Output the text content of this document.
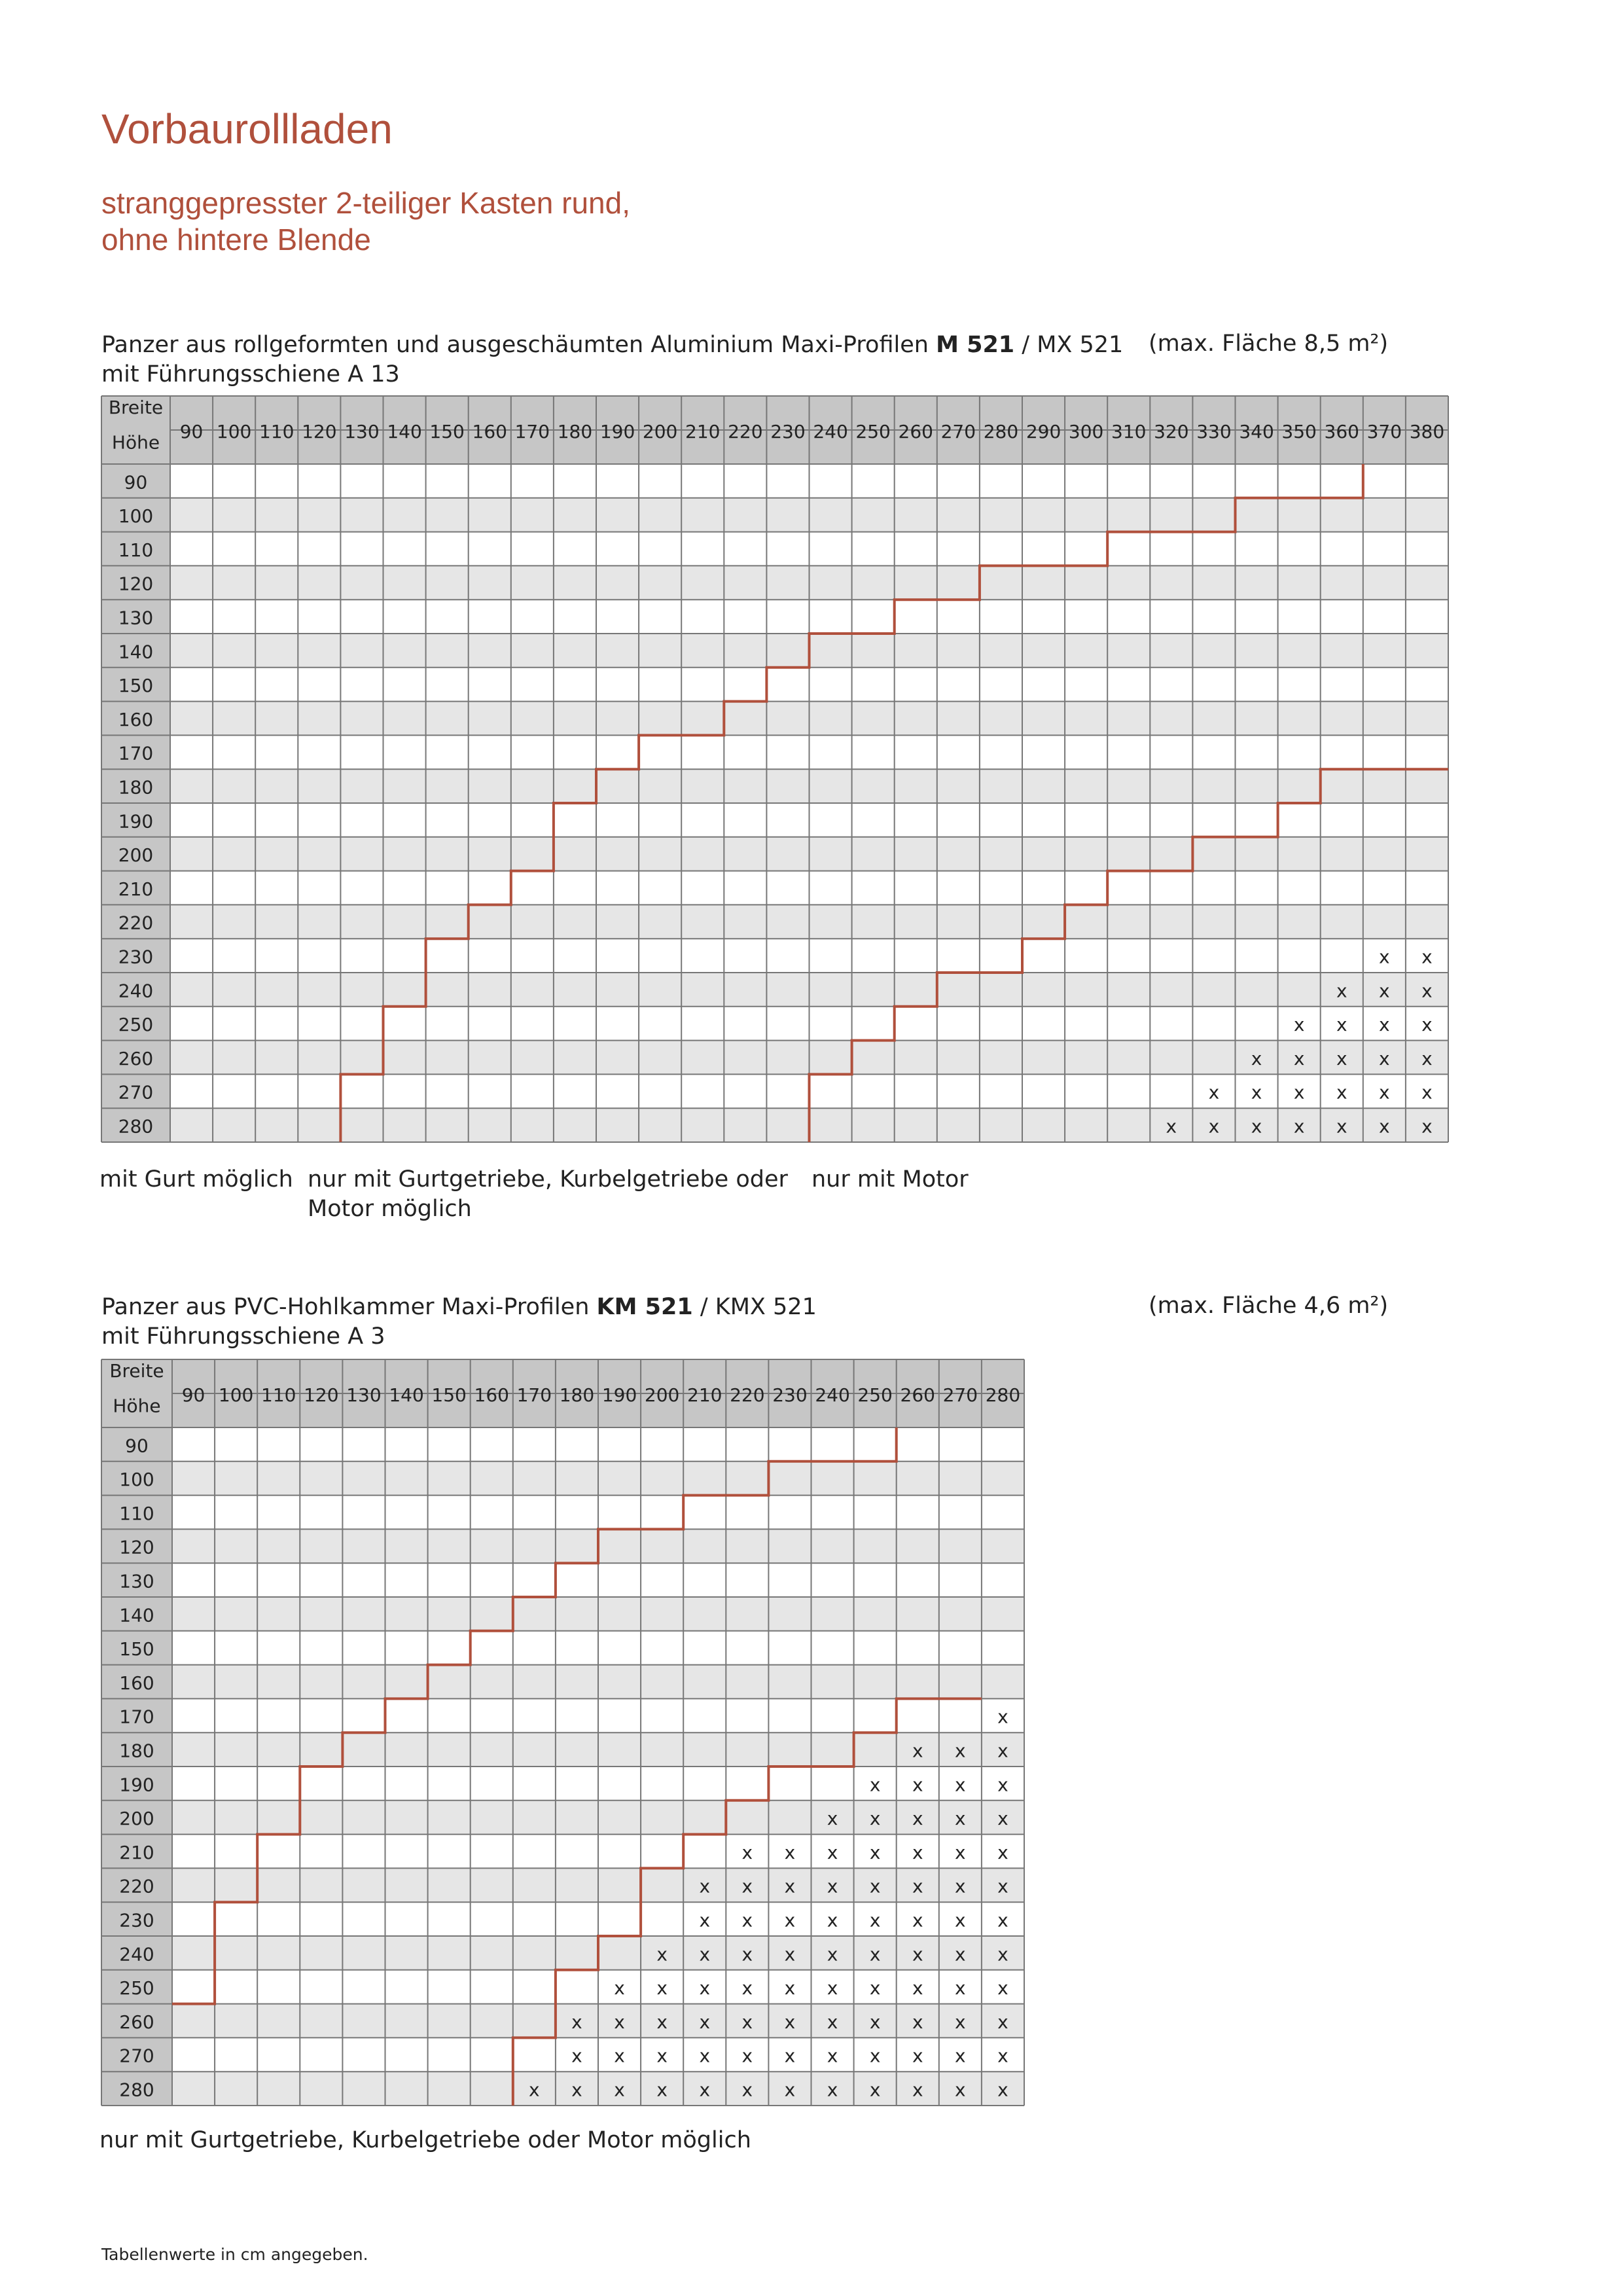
Vorbaurollladen
stranggepresster 2-teiliger Kasten rund,
ohne hintere Blende
Panzer aus rollgeformten und ausgeschäumten Aluminium Maxi-Profilen M 521 / MX 521
mit Führungsschiene A 13
(max. Fläche 8,5 m²)
Breite
Höhe
90 100 110 120 130 140 150 160 170 180 190 200 210 220 230 240 250 260 270 280 290 300 310 320 330 340 350 360 370 380
90
100
110
120
130
140
150
160
170
180
190
200
210
220
230
240
250
260
270
280
x x
x x x
x x x x
x x x x x
x x x x x x
x x x x x x x
mit Gurt möglich nur mit Gurtgetriebe, Kurbelgetriebe oder
Motor möglich
nur mit Motor
Panzer aus PVC-Hohlkammer Maxi-Profilen KM 521 / KMX 521
mit Führungsschiene A 3
(max. Fläche 4,6 m²)
Breite
Höhe
90 100 110 120 130 140 150 160 170 180 190 200 210 220 230 240 250 260 270 280
90
100
110
120
130
140
150
160
170
180
190
200
210
220
230
240
250
260
270
280
x
x x x
x x x x
x x x x x
x x x x x x x
x x x x x x x x
x x x x x x x x
x x x x x x x x x
x x x x x x x x x x
x x x x x x x x x x x
x x x x x x x x x x x
x x x x x x x x x x x x
nur mit Gurtgetriebe, Kurbelgetriebe oder Motor möglich
Tabellenwerte in cm angegeben.
